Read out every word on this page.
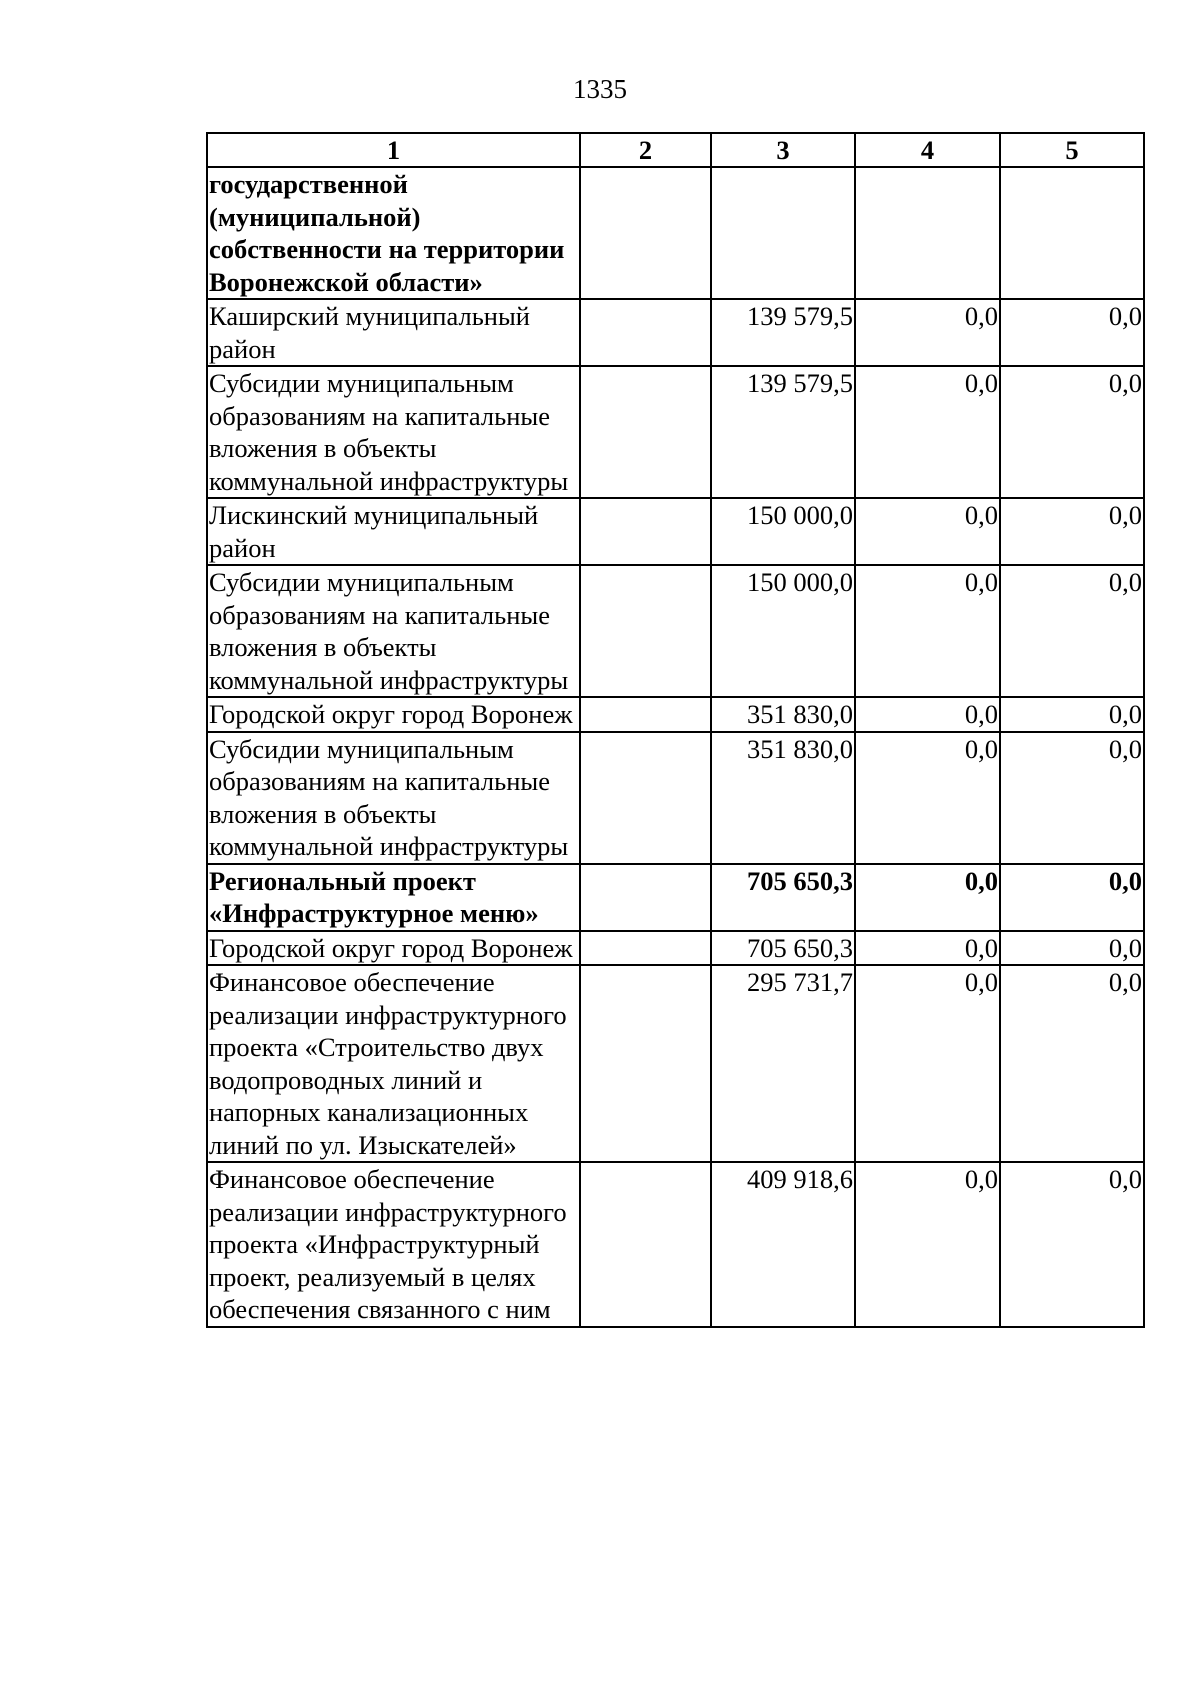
1335
1	2	3	4	5
государственной (муниципальной) собственности на территории Воронежской области»				
Каширский муниципальный район		139 579,5	0,0	0,0
Субсидии муниципальным образованиям на капитальные вложения в объекты коммунальной инфраструктуры		139 579,5	0,0	0,0
Лискинский муниципальный район		150 000,0	0,0	0,0
Субсидии муниципальным образованиям на капитальные вложения в объекты коммунальной инфраструктуры		150 000,0	0,0	0,0
Городской округ город Воронеж		351 830,0	0,0	0,0
Субсидии муниципальным образованиям на капитальные вложения в объекты коммунальной инфраструктуры		351 830,0	0,0	0,0
Региональный проект «Инфраструктурное меню»		705 650,3	0,0	0,0
Городской округ город Воронеж		705 650,3	0,0	0,0
Финансовое обеспечение реализации инфраструктурного проекта «Строительство двух водопроводных линий и напорных канализационных линий по ул. Изыскателей»		295 731,7	0,0	0,0
Финансовое обеспечение реализации инфраструктурного проекта «Инфраструктурный проект, реализуемый в целях обеспечения связанного с ним		409 918,6	0,0	0,0
